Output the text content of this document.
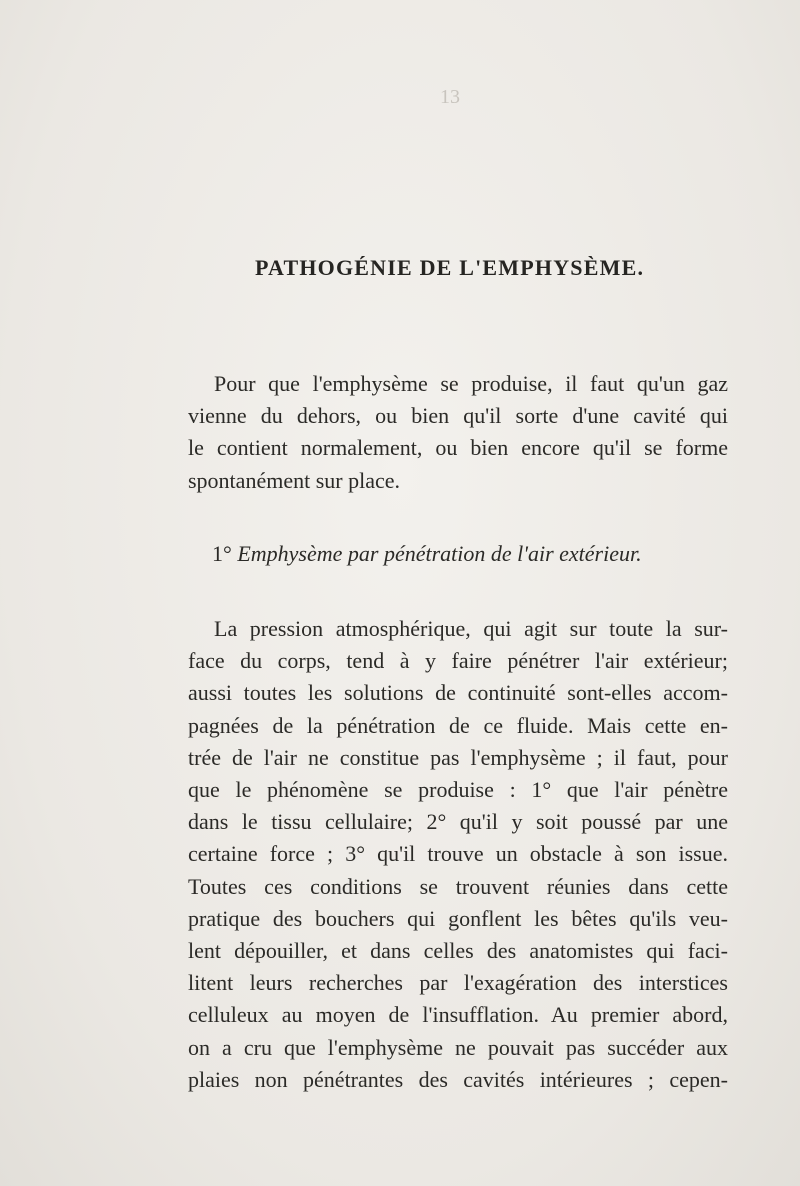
13
PATHOGÉNIE DE L'EMPHYSÈME.
Pour que l'emphysème se produise, il faut qu'un gaz
vienne du dehors, ou bien qu'il sorte d'une cavité qui
le contient normalement, ou bien encore qu'il se forme
spontanément sur place.
1° Emphysème par pénétration de l'air extérieur.
La pression atmosphérique, qui agit sur toute la sur-
face du corps, tend à y faire pénétrer l'air extérieur;
aussi toutes les solutions de continuité sont-elles accom-
pagnées de la pénétration de ce fluide. Mais cette en-
trée de l'air ne constitue pas l'emphysème ; il faut, pour
que le phénomène se produise : 1° que l'air pénètre
dans le tissu cellulaire; 2° qu'il y soit poussé par une
certaine force ; 3° qu'il trouve un obstacle à son issue.
Toutes ces conditions se trouvent réunies dans cette
pratique des bouchers qui gonflent les bêtes qu'ils veu-
lent dépouiller, et dans celles des anatomistes qui faci-
litent leurs recherches par l'exagération des interstices
celluleux au moyen de l'insufflation. Au premier abord,
on a cru que l'emphysème ne pouvait pas succéder aux
plaies non pénétrantes des cavités intérieures ; cepen-
